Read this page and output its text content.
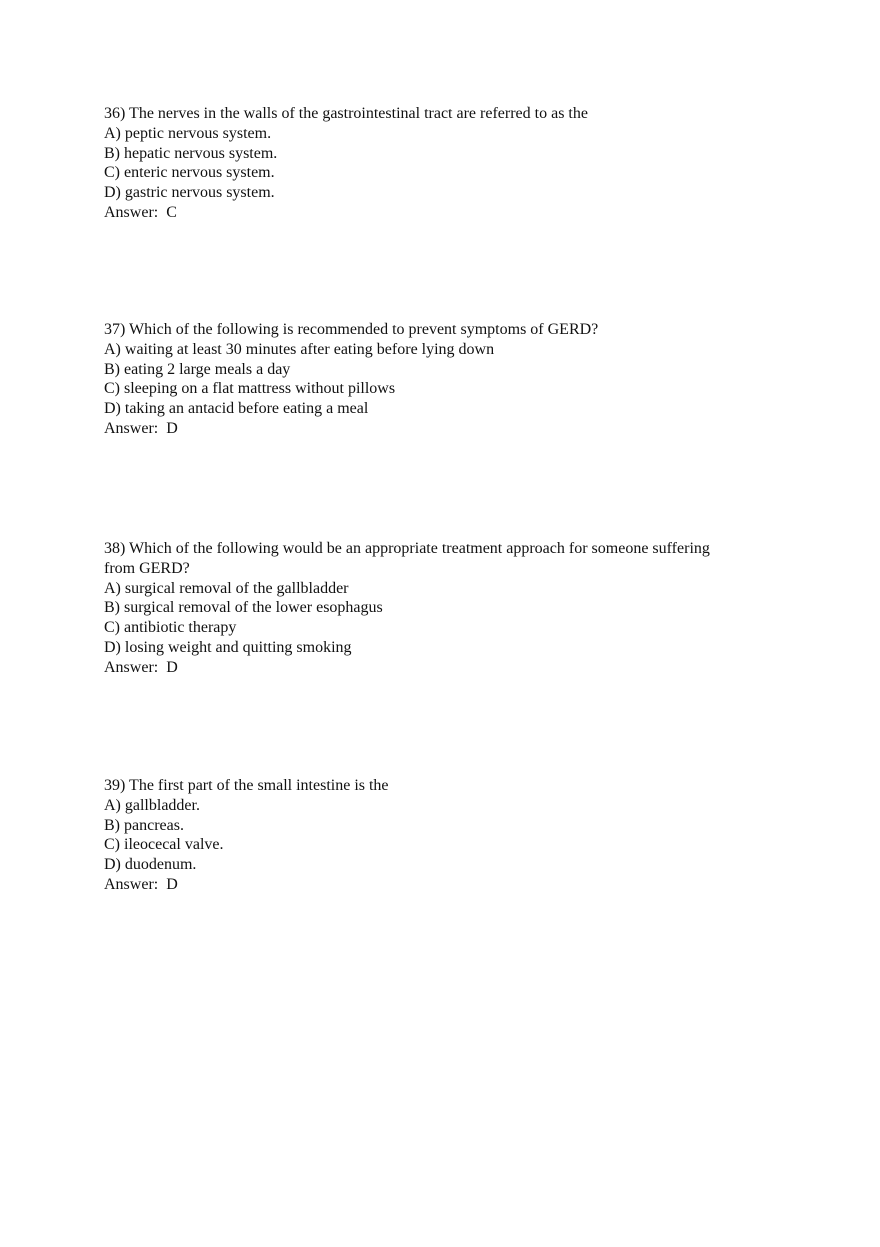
36) The nerves in the walls of the gastrointestinal tract are referred to as the
A) peptic nervous system.
B) hepatic nervous system.
C) enteric nervous system.
D) gastric nervous system.
Answer:  C
37) Which of the following is recommended to prevent symptoms of GERD?
A) waiting at least 30 minutes after eating before lying down
B) eating 2 large meals a day
C) sleeping on a flat mattress without pillows
D) taking an antacid before eating a meal
Answer:  D
38) Which of the following would be an appropriate treatment approach for someone suffering
from GERD?
A) surgical removal of the gallbladder
B) surgical removal of the lower esophagus
C) antibiotic therapy
D) losing weight and quitting smoking
Answer:  D
39) The first part of the small intestine is the
A) gallbladder.
B) pancreas.
C) ileocecal valve.
D) duodenum.
Answer:  D
